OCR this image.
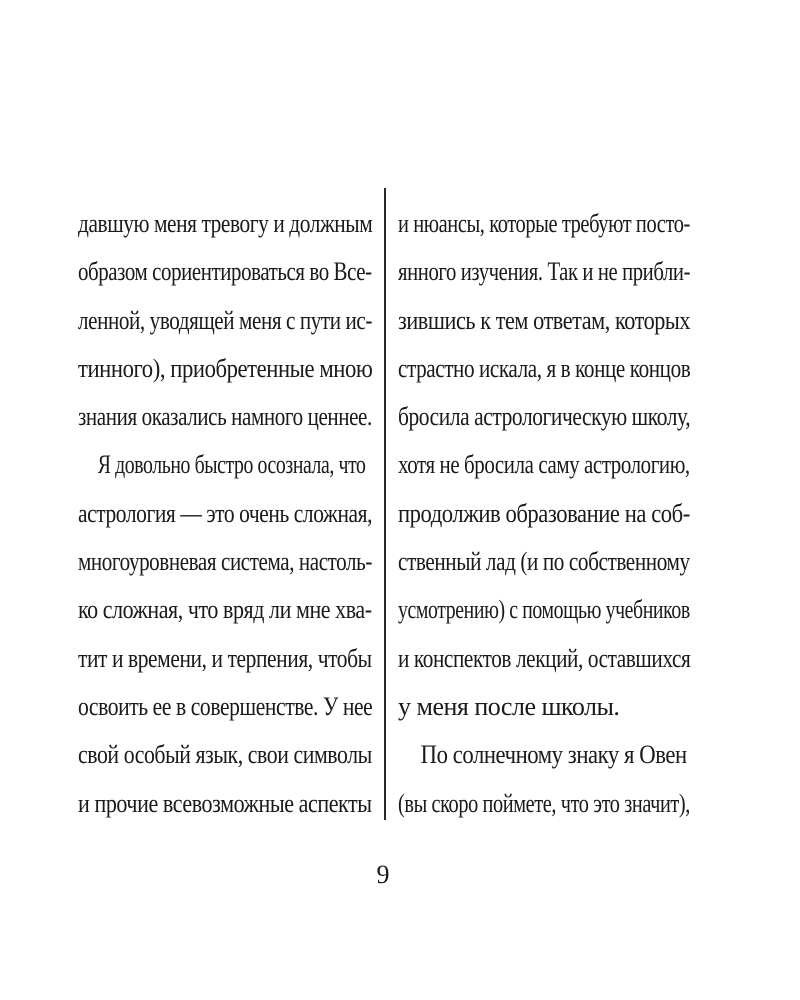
давшую меня тревогу и должным
образом сориентироваться во Все-
ленной, уводящей меня с пути ис-
тинного), приобретенные мною
знания оказались намного ценнее.
Я довольно быстро осознала, что
астрология — это очень сложная,
многоуровневая система, настоль-
ко сложная, что вряд ли мне хва-
тит и времени, и терпения, чтобы
освоить ее в совершенстве. У нее
свой особый язык, свои символы
и прочие всевозможные аспекты
и нюансы, которые требуют посто-
янного изучения. Так и не прибли-
зившись к тем ответам, которых
страстно искала, я в конце концов
бросила астрологическую школу,
хотя не бросила саму астрологию,
продолжив образование на соб-
ственный лад (и по собственному
усмотрению) с помощью учебников
и конспектов лекций, оставшихся
у меня после школы.
По солнечному знаку я Овен
(вы скоро поймете, что это значит),
9
